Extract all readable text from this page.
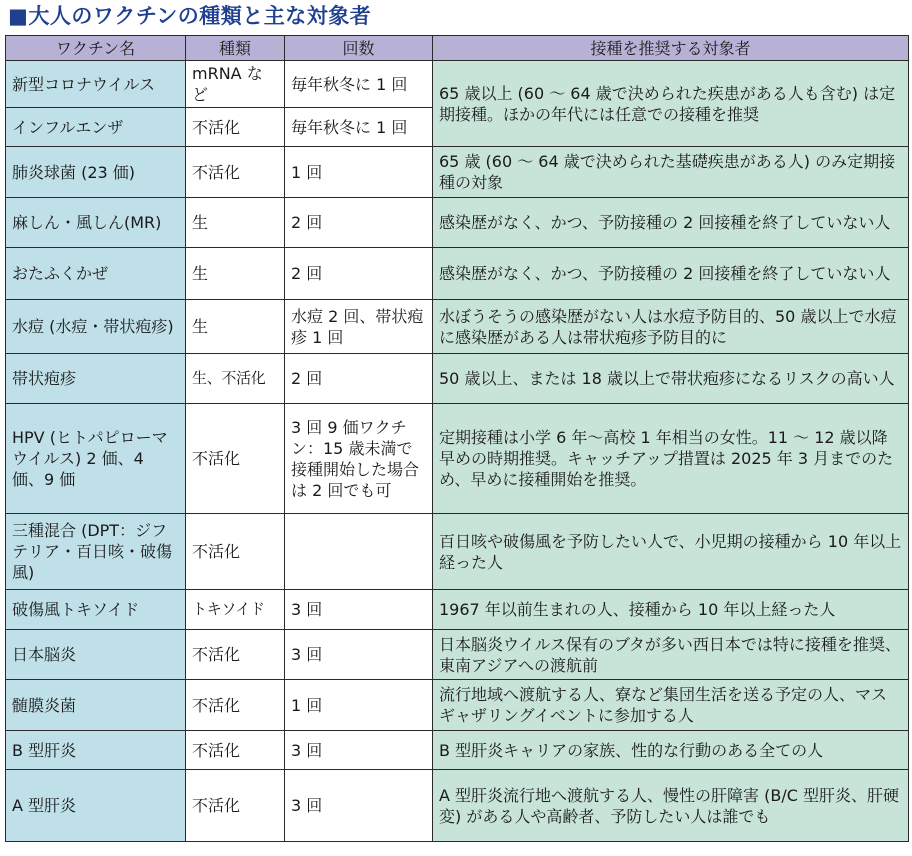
■大人のワクチンの種類と主な対象者
ワクチン名	種類	回数	接種を推奨する対象者
新型コロナウイルス	mRNA など	毎年秋冬に 1 回	65 歳以上 (60 〜 64 歳で決められた疾患がある人も含む) は定期接種。ほかの年代には任意での接種を推奨
インフルエンザ	不活化	毎年秋冬に 1 回	
肺炎球菌 (23 価)	不活化	1 回	65 歳 (60 〜 64 歳で決められた基礎疾患がある人) のみ定期接種の対象
麻しん・風しん(MR)	生	2 回	感染歴がなく、かつ、予防接種の 2 回接種を終了していない人
おたふくかぜ	生	2 回	感染歴がなく、かつ、予防接種の 2 回接種を終了していない人
水痘 (水痘・帯状疱疹)	生	水痘 2 回、帯状疱疹 1 回	水ぼうそうの感染歴がない人は水痘予防目的、50 歳以上で水痘に感染歴がある人は帯状疱疹予防目的に
帯状疱疹	生、不活化	2 回	50 歳以上、または 18 歳以上で帯状疱疹になるリスクの高い人
HPV (ヒトパピローマウイルス) 2 価、4 価、9 価	不活化	3 回 9 価ワクチン：15 歳未満で接種開始した場合は 2 回でも可	定期接種は小学 6 年〜高校 1 年相当の女性。11 〜 12 歳以降早めの時期推奨。キャッチアップ措置は 2025 年 3 月までのため、早めに接種開始を推奨。
三種混合 (DPT：ジフテリア・百日咳・破傷風)	不活化		百日咳や破傷風を予防したい人で、小児期の接種から 10 年以上経った人
破傷風トキソイド	トキソイド	3 回	1967 年以前生まれの人、接種から 10 年以上経った人
日本脳炎	不活化	3 回	日本脳炎ウイルス保有のブタが多い西日本では特に接種を推奨、東南アジアへの渡航前
髄膜炎菌	不活化	1 回	流行地域へ渡航する人、寮など集団生活を送る予定の人、マスギャザリングイベントに参加する人
B 型肝炎	不活化	3 回	B 型肝炎キャリアの家族、性的な行動のある全ての人
A 型肝炎	不活化	3 回	A 型肝炎流行地へ渡航する人、慢性の肝障害 (B/C 型肝炎、肝硬変) がある人や高齢者、予防したい人は誰でも
